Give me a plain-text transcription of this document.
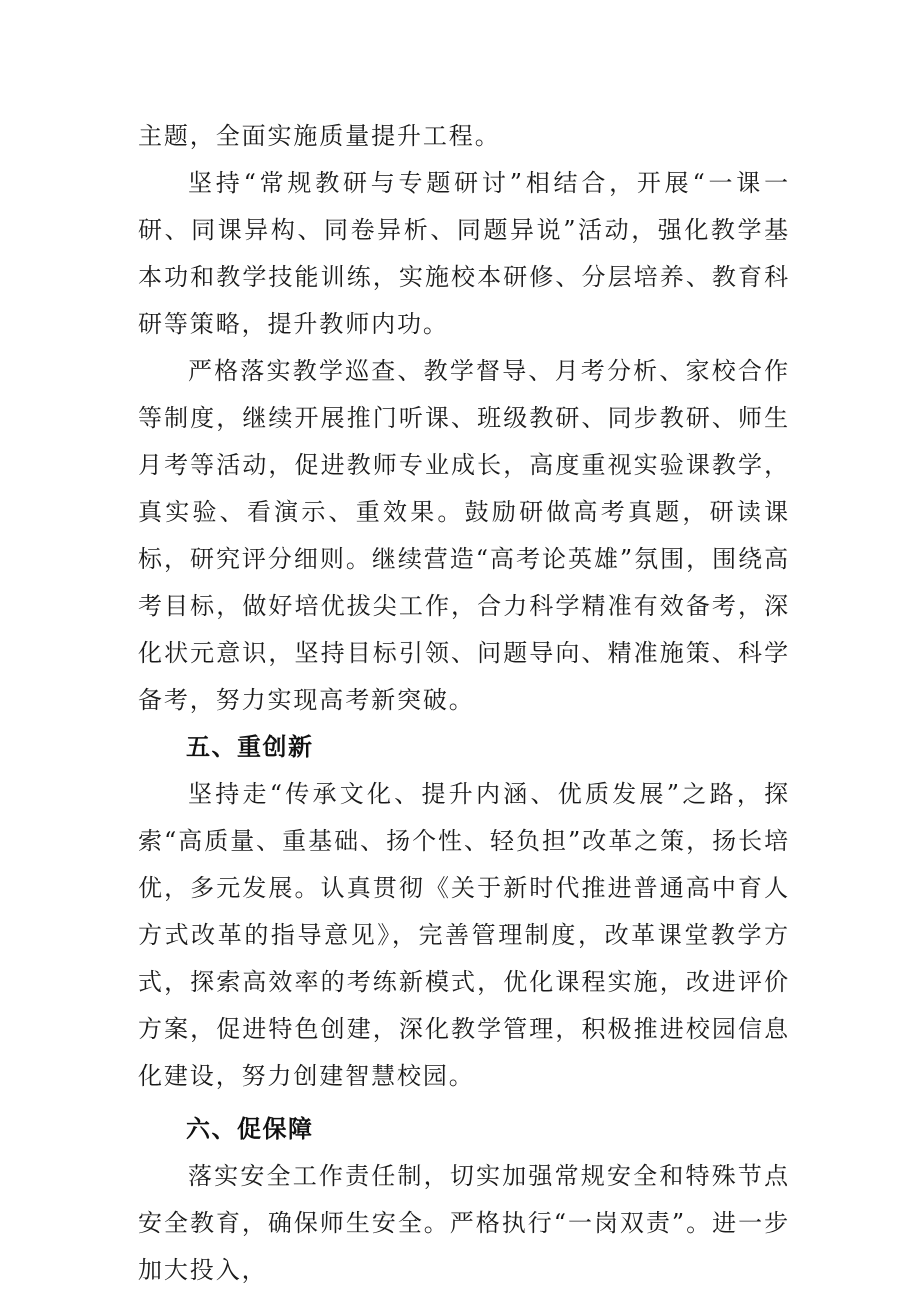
主题，全面实施质量提升工程。

坚持“常规教研与专题研讨”相结合，开展“一课一研、同课异构、同卷异析、同题异说”活动，强化教学基本功和教学技能训练，实施校本研修、分层培养、教育科研等策略，提升教师内功。

严格落实教学巡查、教学督导、月考分析、家校合作等制度，继续开展推门听课、班级教研、同步教研、师生月考等活动，促进教师专业成长，高度重视实验课教学，真实验、看演示、重效果。鼓励研做高考真题，研读课标，研究评分细则。继续营造“高考论英雄”氛围，围绕高考目标，做好培优拔尖工作，合力科学精准有效备考，深化状元意识，坚持目标引领、问题导向、精准施策、科学备考，努力实现高考新突破。

五、重创新

坚持走“传承文化、提升内涵、优质发展”之路，探索“高质量、重基础、扬个性、轻负担”改革之策，扬长培优，多元发展。认真贯彻《关于新时代推进普通高中育人方式改革的指导意见》，完善管理制度，改革课堂教学方式，探索高效率的考练新模式，优化课程实施，改进评价方案，促进特色创建，深化教学管理，积极推进校园信息化建设，努力创建智慧校园。

六、促保障

落实安全工作责任制，切实加强常规安全和特殊节点安全教育，确保师生安全。严格执行“一岗双责”。进一步加大投入，
